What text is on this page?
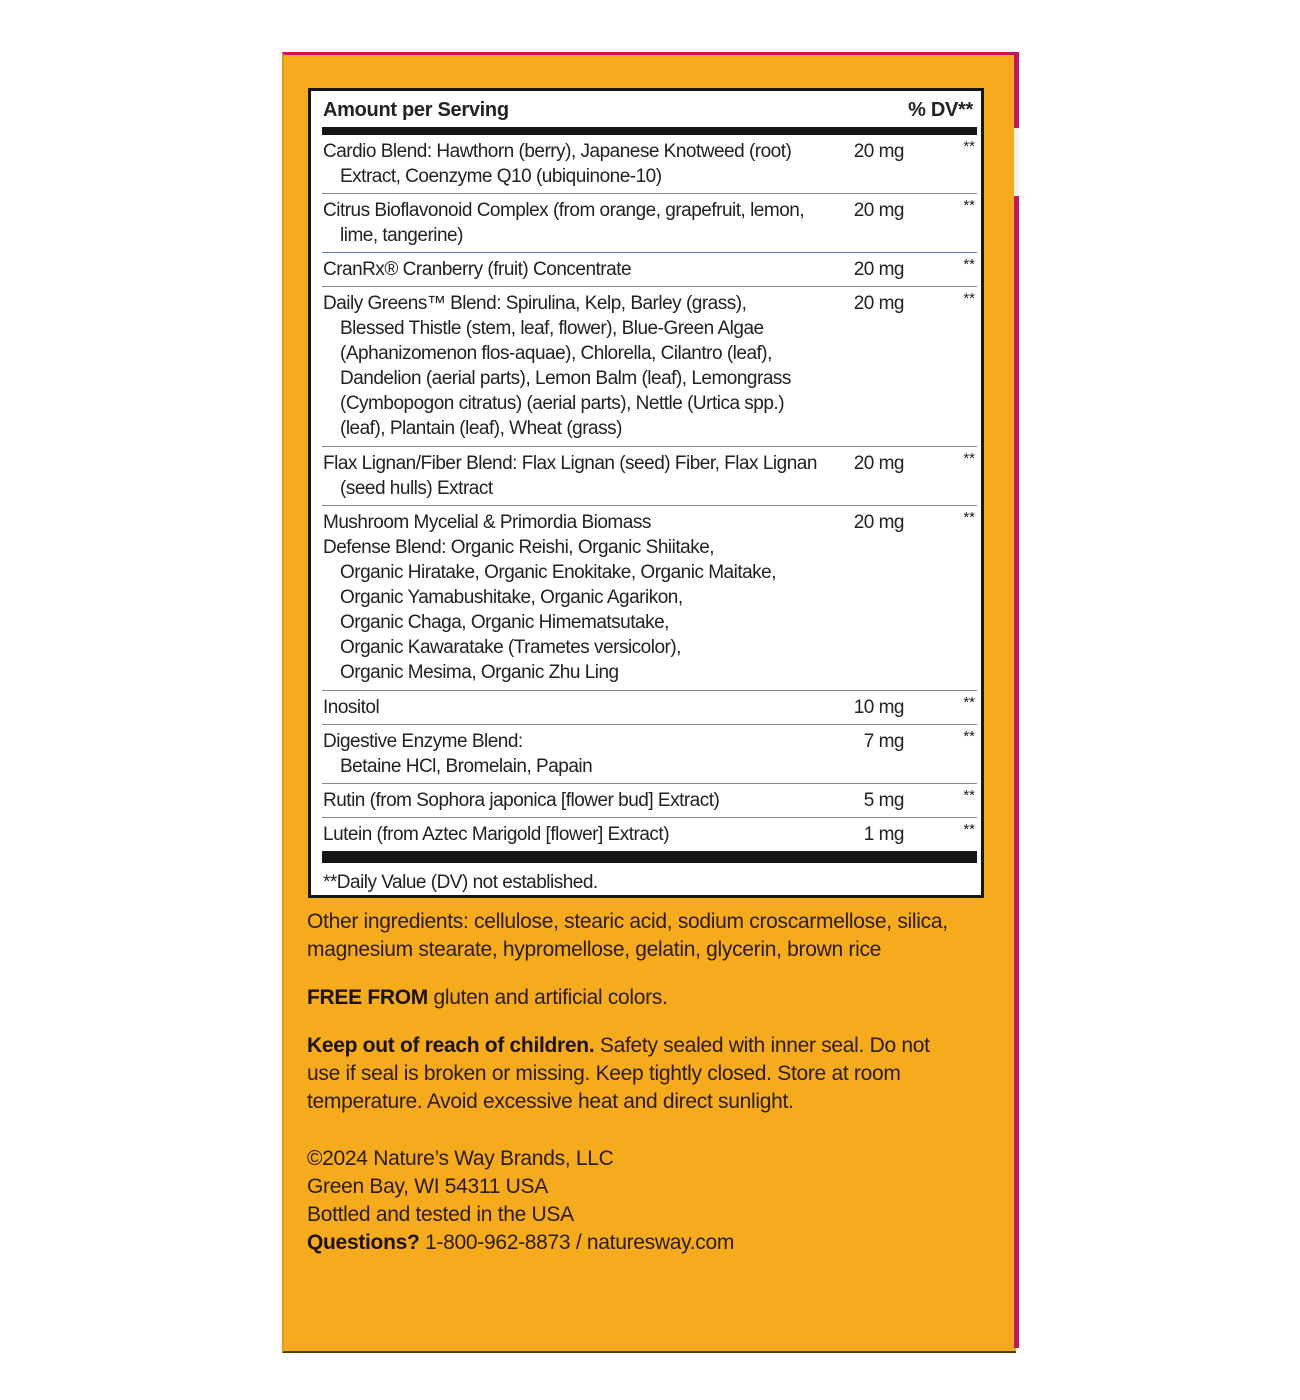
Amount per Serving	% DV**
Cardio Blend: Hawthorn (berry), Japanese Knotweed (root)
Extract, Coenzyme Q10 (ubiquinone-10)
20 mg	**
Citrus Bioflavonoid Complex (from orange, grapefruit, lemon,
lime, tangerine)
20 mg	**
CranRx® Cranberry (fruit) Concentrate	20 mg	**
Daily Greens™ Blend: Spirulina, Kelp, Barley (grass),
Blessed Thistle (stem, leaf, flower), Blue-Green Algae
(Aphanizomenon flos-aquae), Chlorella, Cilantro (leaf),
Dandelion (aerial parts), Lemon Balm (leaf), Lemongrass
(Cymbopogon citratus) (aerial parts), Nettle (Urtica spp.)
(leaf), Plantain (leaf), Wheat (grass)
20 mg	**
Flax Lignan/Fiber Blend: Flax Lignan (seed) Fiber, Flax Lignan
(seed hulls) Extract
20 mg	**
Mushroom Mycelial & Primordia Biomass
Defense Blend: Organic Reishi, Organic Shiitake,
Organic Hiratake, Organic Enokitake, Organic Maitake,
Organic Yamabushitake, Organic Agarikon,
Organic Chaga, Organic Himematsutake,
Organic Kawaratake (Trametes versicolor),
Organic Mesima, Organic Zhu Ling
20 mg	**
Inositol	10 mg	**
Digestive Enzyme Blend:
Betaine HCl, Bromelain, Papain
7 mg	**
Rutin (from Sophora japonica [flower bud] Extract)	5 mg	**
Lutein (from Aztec Marigold [flower] Extract)	1 mg	**
**Daily Value (DV) not established.
Other ingredients: cellulose, stearic acid, sodium croscarmellose, silica,
magnesium stearate, hypromellose, gelatin, glycerin, brown rice
FREE FROM gluten and artificial colors.
Keep out of reach of children. Safety sealed with inner seal. Do not
use if seal is broken or missing. Keep tightly closed. Store at room
temperature. Avoid excessive heat and direct sunlight.
©2024 Nature’s Way Brands, LLC
Green Bay, WI 54311 USA
Bottled and tested in the USA
Questions? 1-800-962-8873 / naturesway.com
